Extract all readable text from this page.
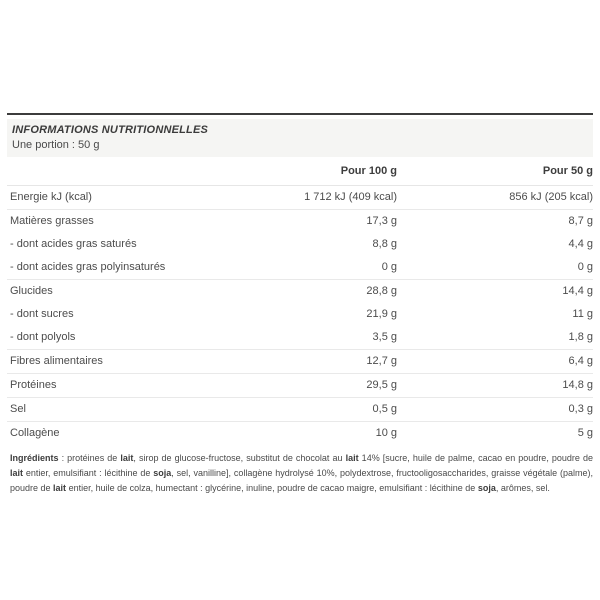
INFORMATIONS NUTRITIONNELLES
Une portion : 50 g
	Pour 100 g	Pour 50 g
Energie kJ (kcal)	1 712 kJ (409 kcal)	856 kJ (205 kcal)
Matières grasses	17,3 g	8,7 g
- dont acides gras saturés	8,8 g	4,4 g
- dont acides gras polyinsaturés	0 g	0 g
Glucides	28,8 g	14,4 g
- dont sucres	21,9 g	11 g
- dont polyols	3,5 g	1,8 g
Fibres alimentaires	12,7 g	6,4 g
Protéines	29,5 g	14,8 g
Sel	0,5 g	0,3 g
Collagène	10 g	5 g

Ingrédients : protéines de lait, sirop de glucose-fructose, substitut de chocolat au lait 14% [sucre, huile de palme, cacao en poudre, poudre de lait entier, emulsifiant : lécithine de soja, sel, vanilline], collagène hydrolysé 10%, polydextrose, fructooligosaccharides, graisse végétale (palme), poudre de lait entier, huile de colza, humectant : glycérine, inuline, poudre de cacao maigre, emulsifiant : lécithine de soja, arômes, sel.
